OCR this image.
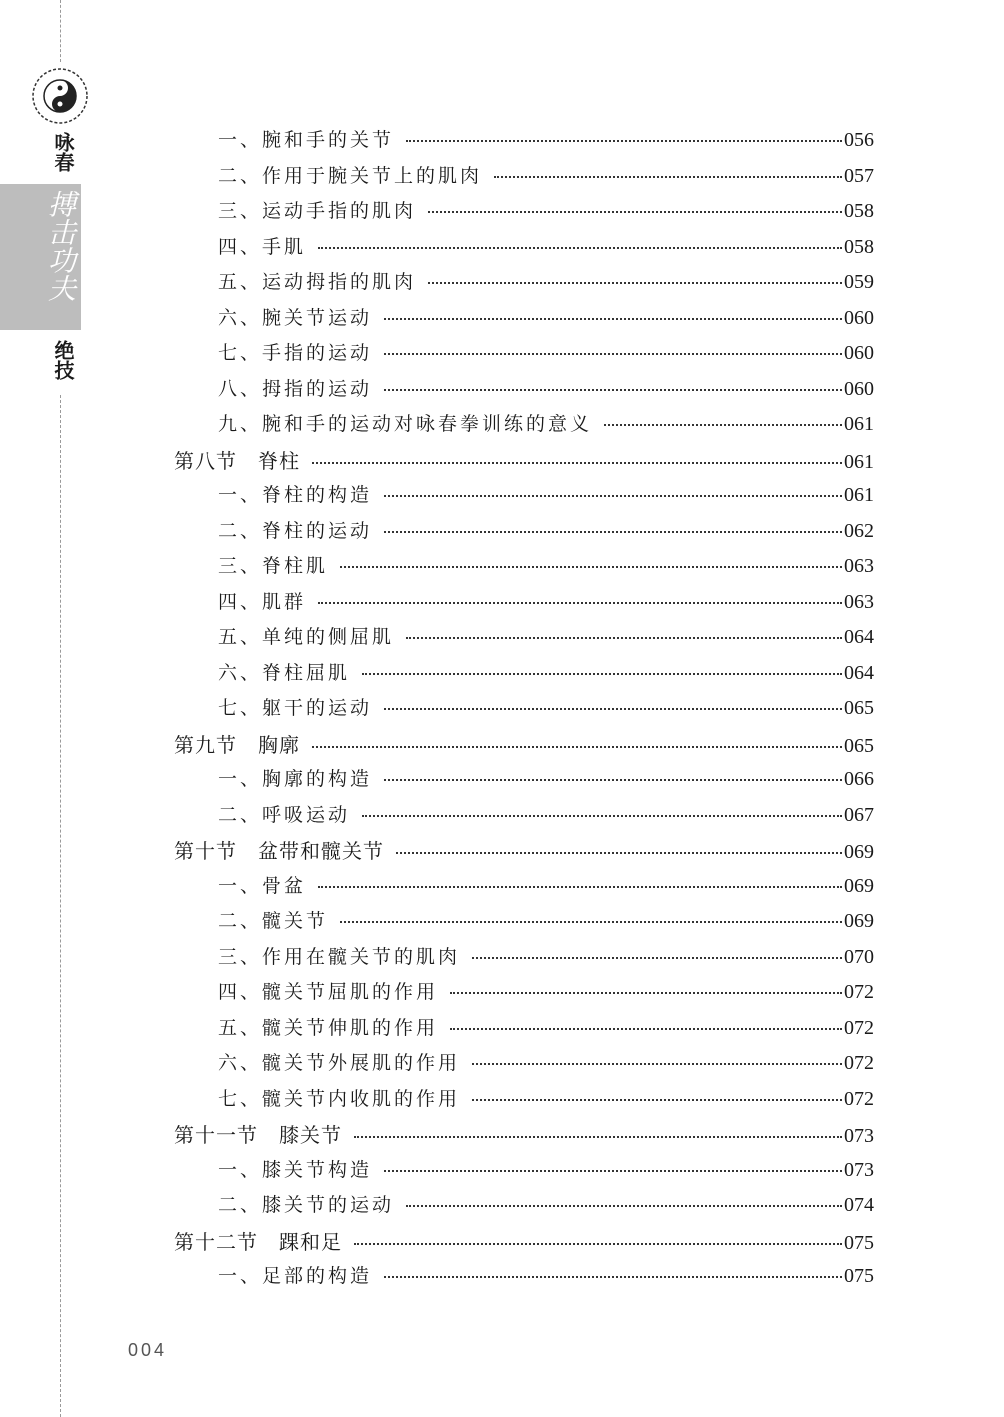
咏春
搏击功夫
绝技
一、腕和手的关节	056
二、作用于腕关节上的肌肉	057
三、运动手指的肌肉	058
四、手肌	058
五、运动拇指的肌肉	059
六、腕关节运动	060
七、手指的运动	060
八、拇指的运动	060
九、腕和手的运动对咏春拳训练的意义	061
第八节　脊柱	061
一、脊柱的构造	061
二、脊柱的运动	062
三、脊柱肌	063
四、肌群	063
五、单纯的侧屈肌	064
六、脊柱屈肌	064
七、躯干的运动	065
第九节　胸廓	065
一、胸廓的构造	066
二、呼吸运动	067
第十节　盆带和髋关节	069
一、骨盆	069
二、髋关节	069
三、作用在髋关节的肌肉	070
四、髋关节屈肌的作用	072
五、髋关节伸肌的作用	072
六、髋关节外展肌的作用	072
七、髋关节内收肌的作用	072
第十一节　膝关节	073
一、膝关节构造	073
二、膝关节的运动	074
第十二节　踝和足	075
一、足部的构造	075
004
